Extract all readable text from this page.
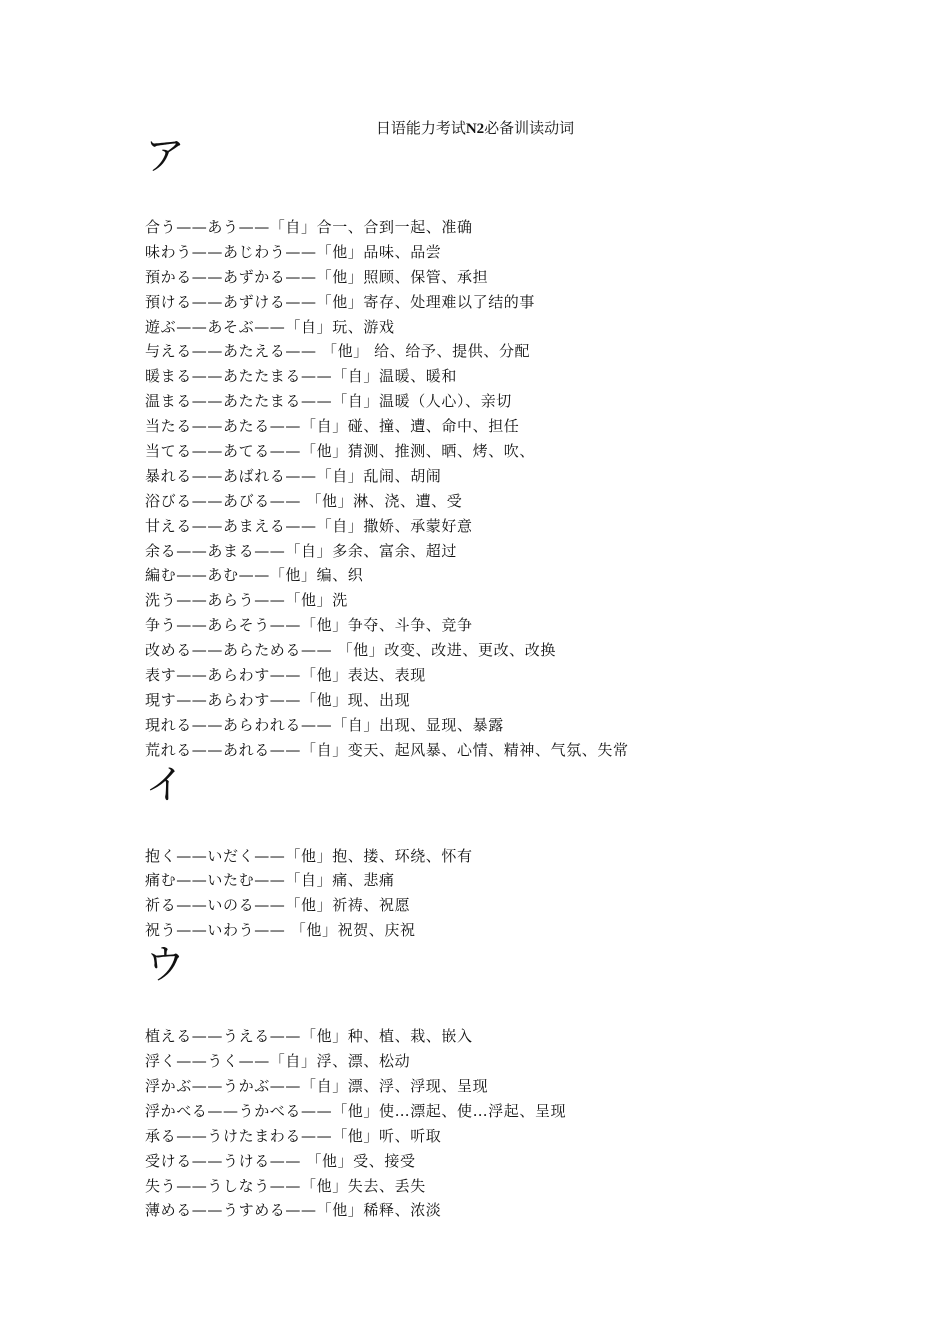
日语能力考试N2必备训读动词
ア
合う——あう——「自」合一、合到一起、准确
味わう——あじわう——「他」品味、品尝
預かる——あずかる——「他」照顾、保管、承担
預ける——あずける——「他」寄存、处理难以了结的事
遊ぶ——あそぶ——「自」玩、游戏
与える——あたえる—— 「他」 给、给予、提供、分配
暖まる——あたたまる——「自」温暖、暖和
温まる——あたたまる——「自」温暖（人心）、亲切
当たる——あたる——「自」碰、撞、遭、命中、担任
当てる——あてる——「他」猜测、推测、晒、烤、吹、
暴れる——あばれる——「自」乱闹、胡闹
浴びる——あびる—— 「他」淋、浇、遭、受
甘える——あまえる——「自」撒娇、承蒙好意
余る——あまる——「自」多余、富余、超过
編む——あむ——「他」编、织
洗う——あらう——「他」洗
争う——あらそう——「他」争夺、斗争、竞争
改める——あらためる—— 「他」改变、改进、更改、改换
表す——あらわす——「他」表达、表现
現す——あらわす——「他」现、出现
現れる——あらわれる——「自」出现、显现、暴露
荒れる——あれる——「自」变天、起风暴、心情、精神、气氛、失常
イ
抱く——いだく——「他」抱、搂、环绕、怀有
痛む——いたむ——「自」痛、悲痛
祈る——いのる——「他」祈祷、祝愿
祝う——いわう—— 「他」祝贺、庆祝
ウ
植える——うえる——「他」种、植、栽、嵌入
浮く——うく——「自」浮、漂、松动
浮かぶ——うかぶ——「自」漂、浮、浮现、呈现
浮かべる——うかべる——「他」使…漂起、使…浮起、呈现
承る——うけたまわる——「他」听、听取
受ける——うける—— 「他」受、接受
失う——うしなう——「他」失去、丢失
薄める——うすめる——「他」稀释、浓淡
